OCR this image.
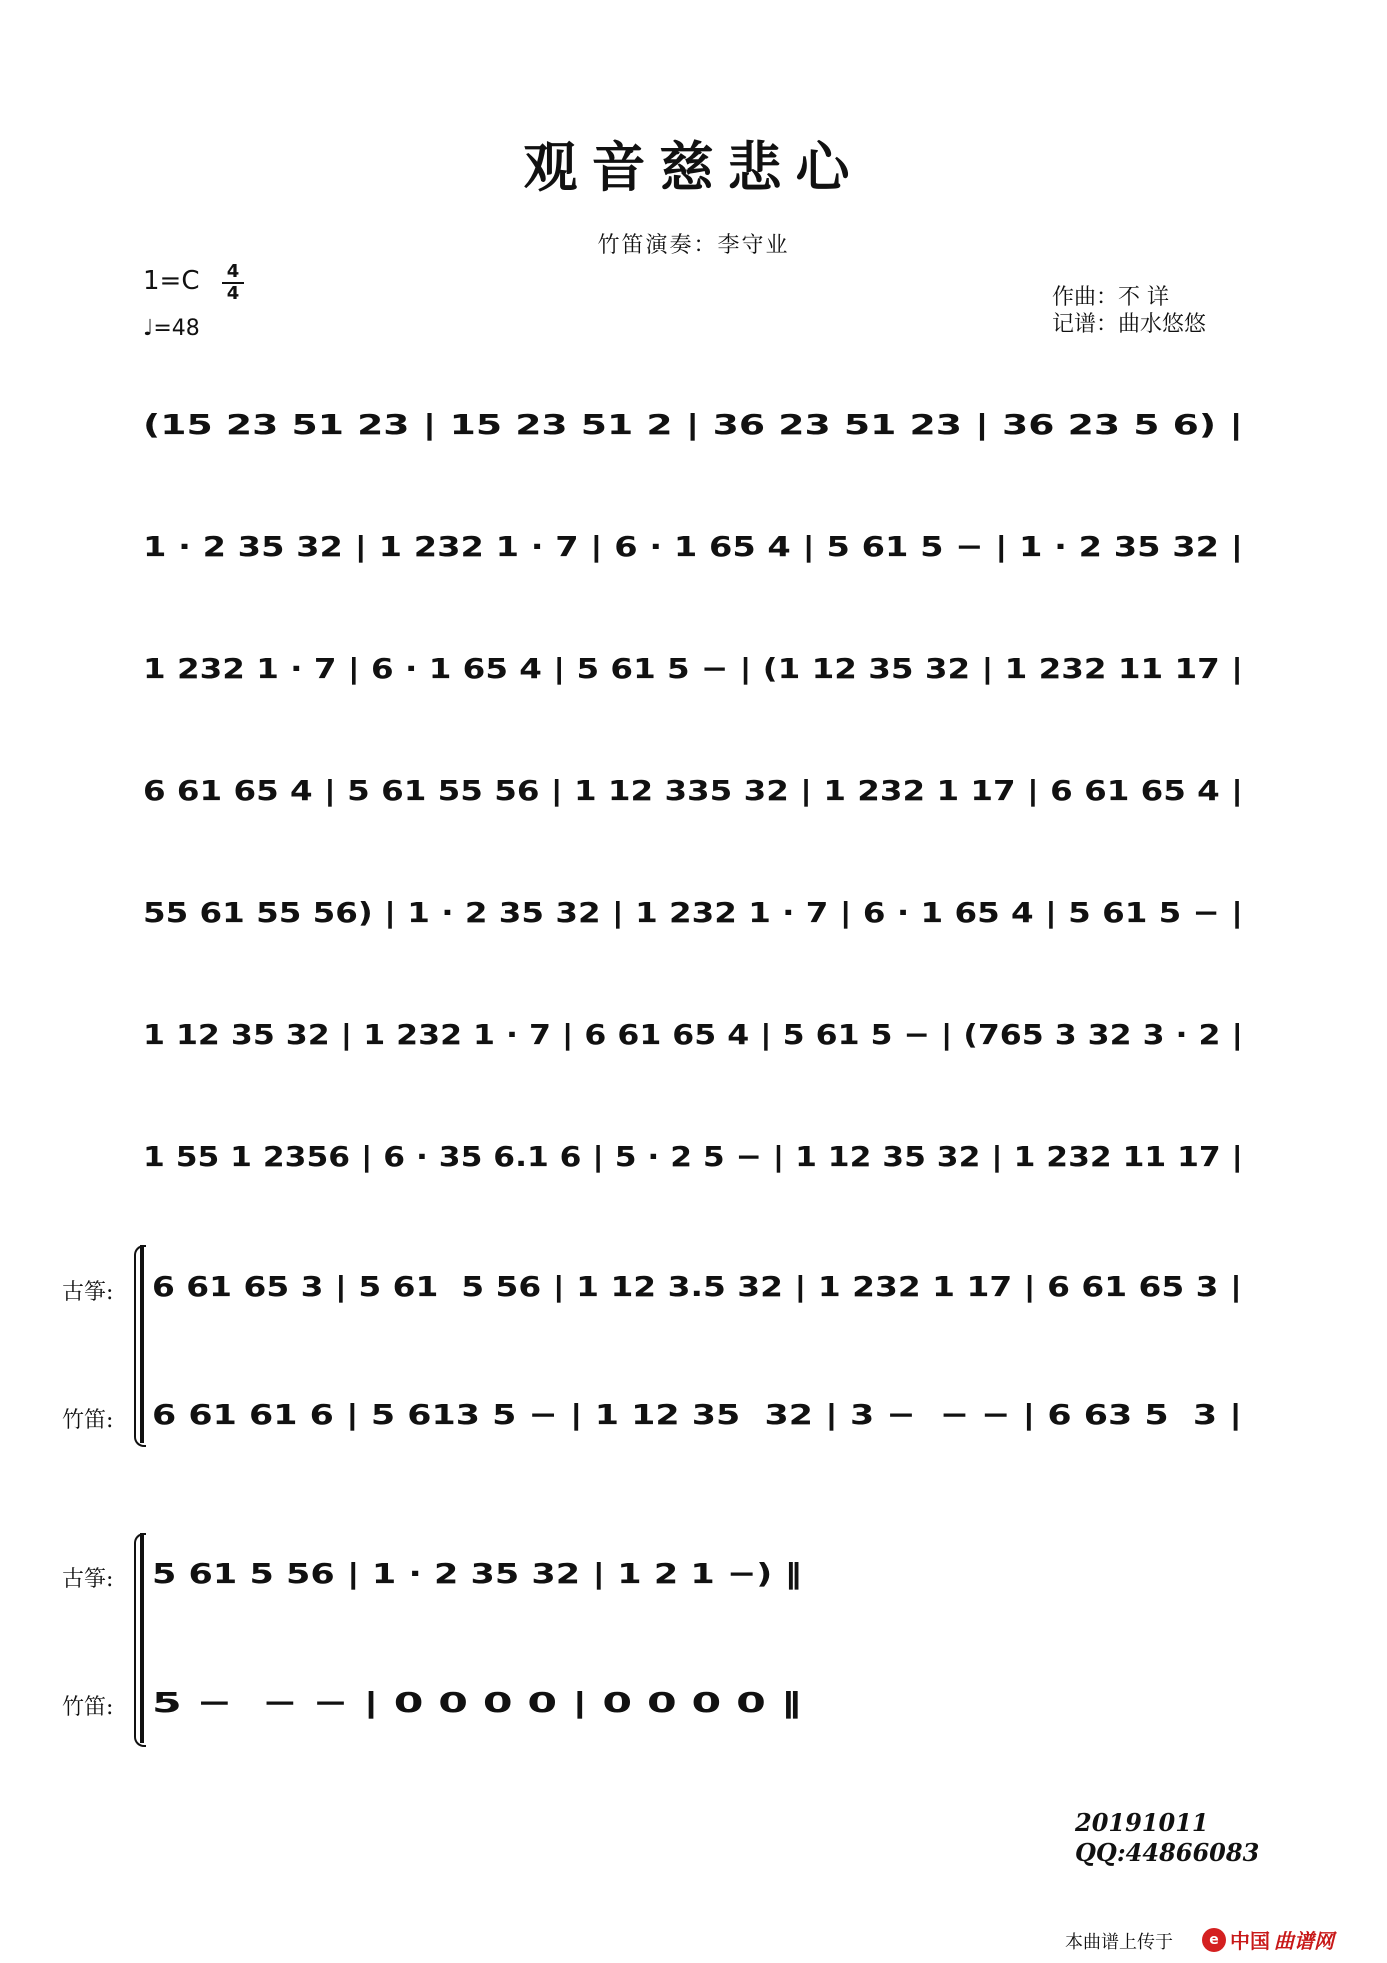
观音慈悲心
竹笛演奏：李守业
1=C 4
4
♩=48
作曲：不 详
记谱：曲水悠悠
(15 23 51 23 | 15 23 51 2 | 36 23 51 23 | 36 23 5 6) |
1 · 2 35 32 | 1 232 1 · 7 | 6 · 1 65 4 | 5 61 5 − | 1 · 2 35 32 |
1 232 1 · 7 | 6 · 1 65 4 | 5 61 5 − | (1 12 35 32 | 1 232 11 17 |
6 61 65 4 | 5 61 55 56 | 1 12 335 32 | 1 232 1 17 | 6 61 65 4 |
55 61 55 56) | 1 · 2 35 32 | 1 232 1 · 7 | 6 · 1 65 4 | 5 61 5 − |
1 12 35 32 | 1 232 1 · 7 | 6 61 65 4 | 5 61 5 − | (765 3 32 3 · 2 |
1 55 1 2356 | 6 · 35 6.1 6 | 5 · 2 5 − | 1 12 35 32 | 1 232 11 17 |
古筝: 6 61 65 3 | 5 61  5 56 | 1 12 3.5 32 | 1 232 1 17 | 6 61 65 3 |
竹笛: 6 61 61 6 | 5 613 5 − | 1 12 35  32 | 3 −  − − | 6 63 5  3 |
古筝: 5 61 5 56 | 1 · 2 35 32 | 1 2 1 −) ‖
竹笛: 5 −  − − | 0 0 0 0 | 0 0 0 0 ‖
20191011
QQ:44866083
本曲谱上传于	e 中国 曲谱网
